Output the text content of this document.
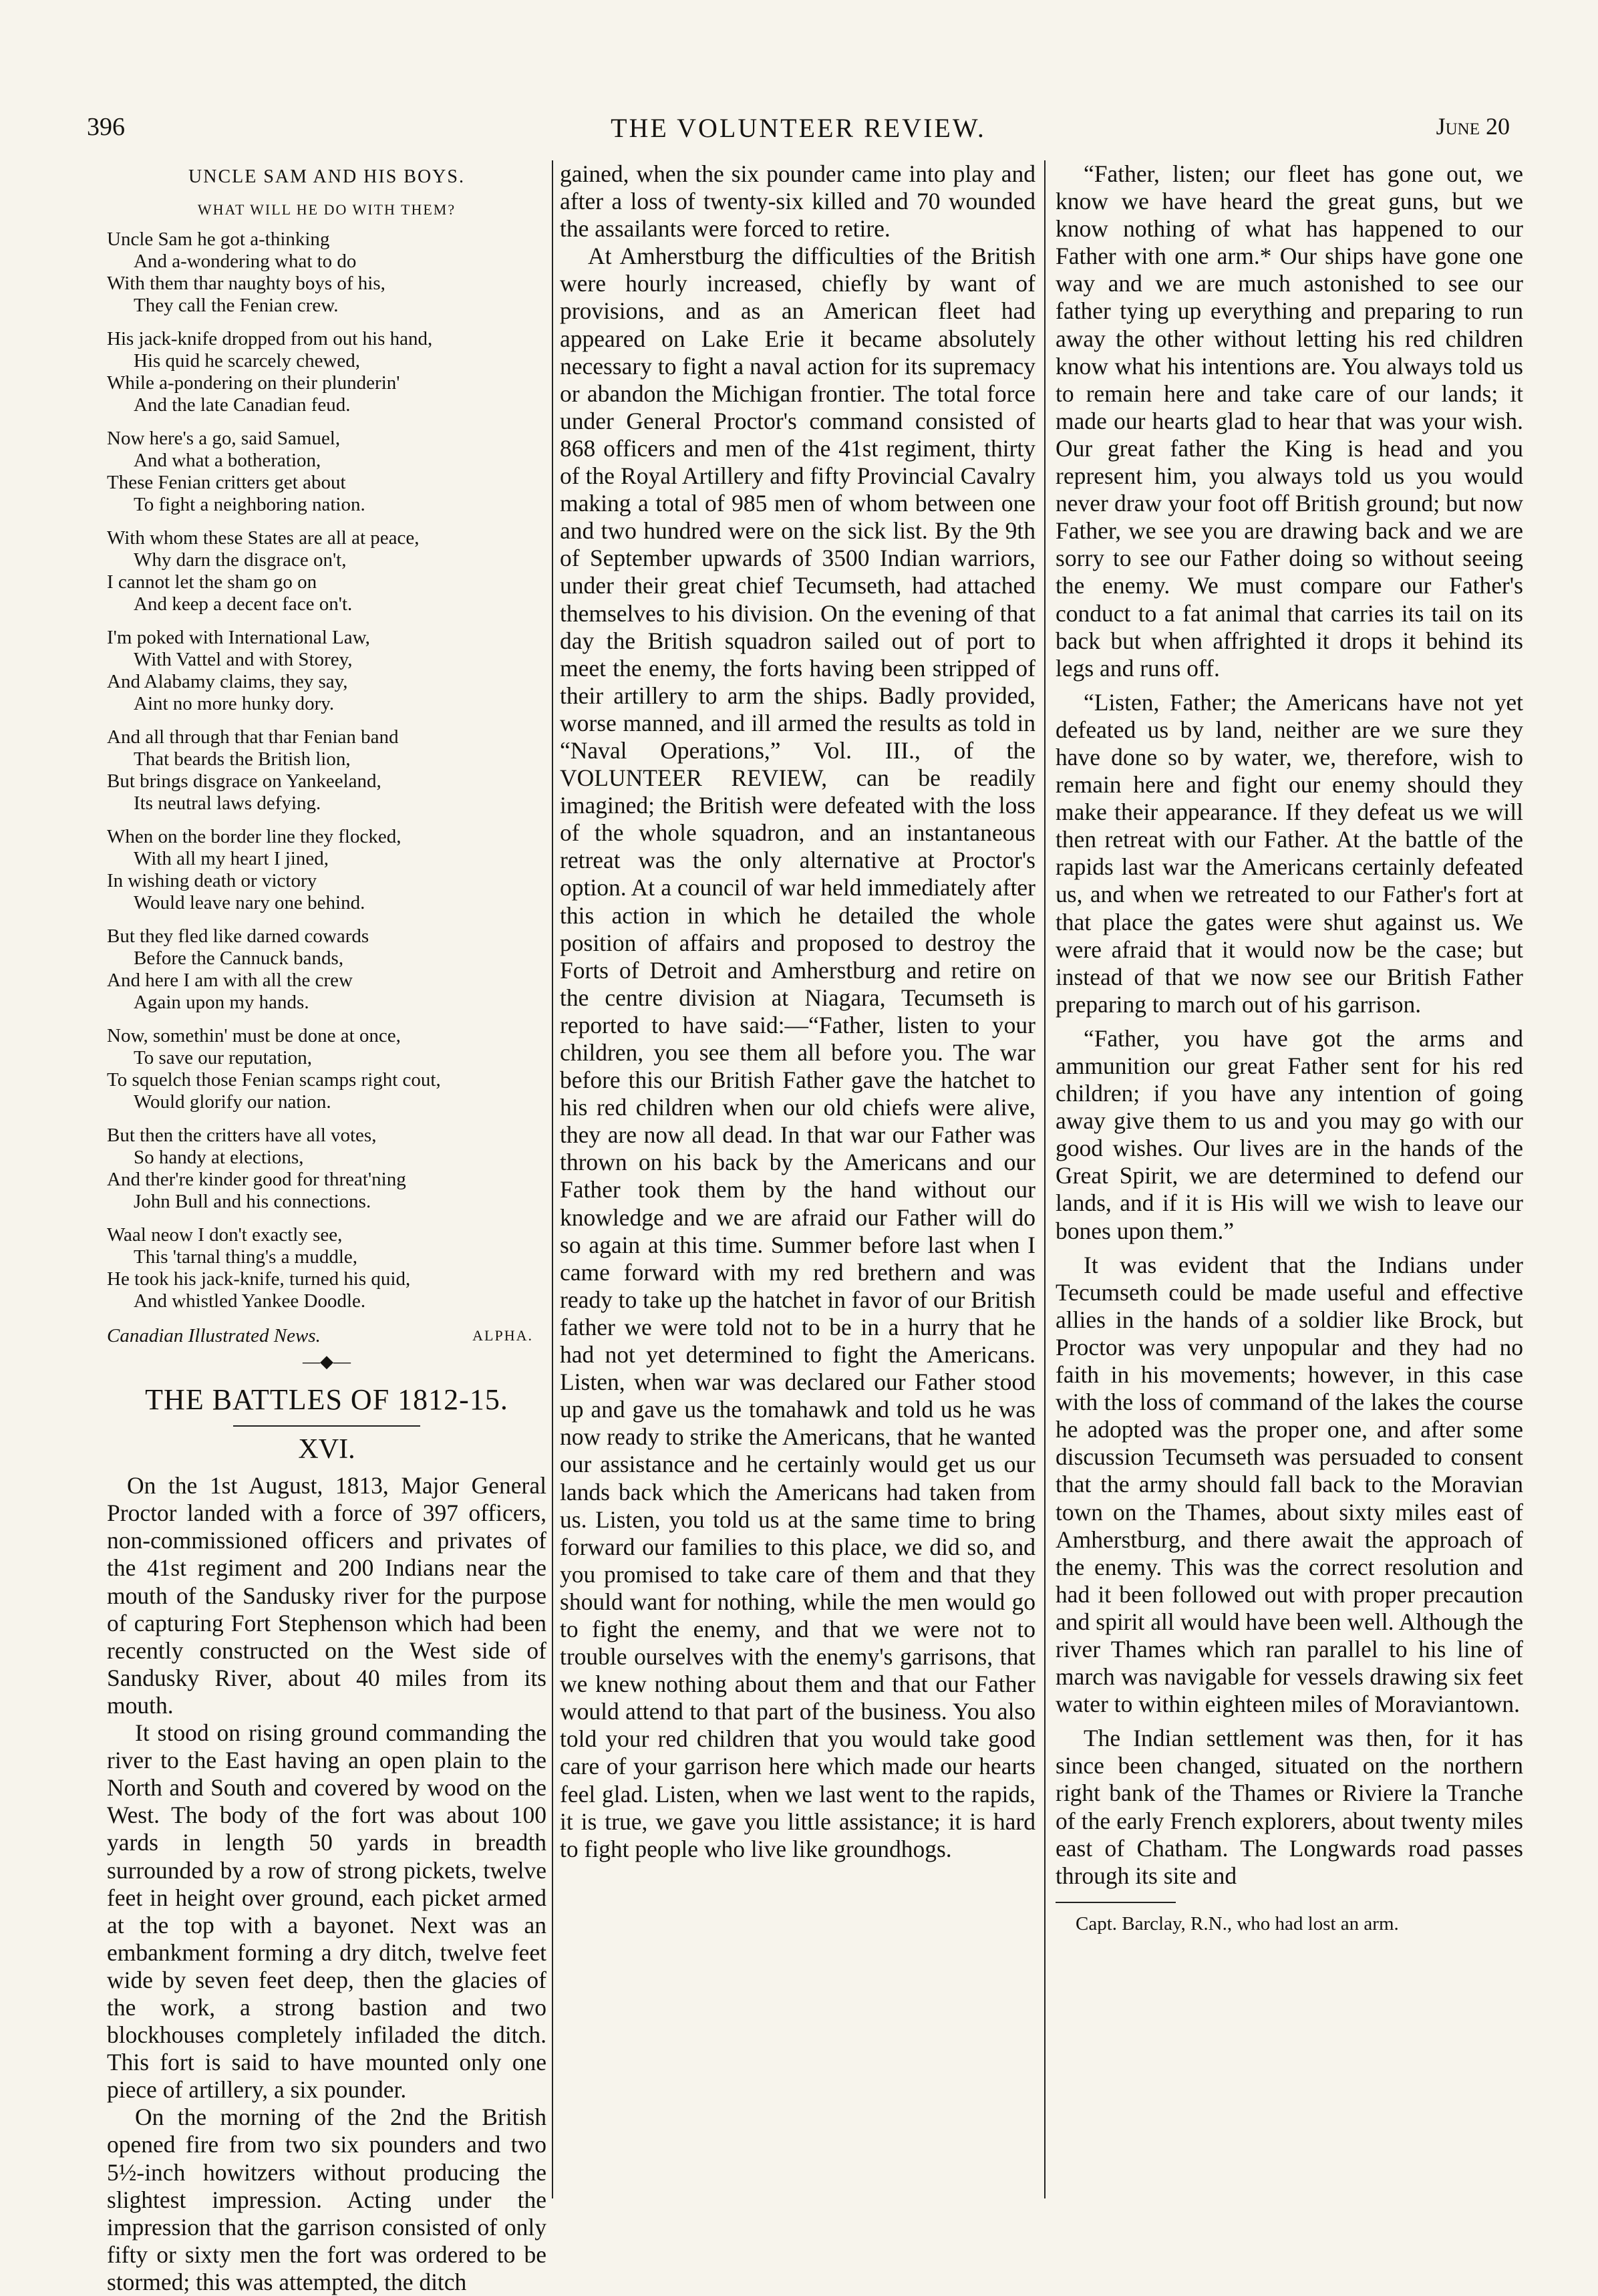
396	THE VOLUNTEER REVIEW.	June 20
UNCLE SAM AND HIS BOYS.
WHAT WILL HE DO WITH THEM?
Uncle Sam he got a-thinking
And a-wondering what to do
With them thar naughty boys of his,
They call the Fenian crew.
His jack-knife dropped from out his hand,
His quid he scarcely chewed,
While a-pondering on their plunderin'
And the late Canadian feud.
Now here's a go, said Samuel,
And what a botheration,
These Fenian critters get about
To fight a neighboring nation.
With whom these States are all at peace,
Why darn the disgrace on't,
I cannot let the sham go on
And keep a decent face on't.
I'm poked with International Law,
With Vattel and with Storey,
And Alabamy claims, they say,
Aint no more hunky dory.
And all through that thar Fenian band
That beards the British lion,
But brings disgrace on Yankeeland,
Its neutral laws defying.
When on the border line they flocked,
With all my heart I jined,
In wishing death or victory
Would leave nary one behind.
But they fled like darned cowards
Before the Cannuck bands,
And here I am with all the crew
Again upon my hands.
Now, somethin' must be done at once,
To save our reputation,
To squelch those Fenian scamps right cout,
Would glorify our nation.
But then the critters have all votes,
So handy at elections,
And ther're kinder good for threat'ning
John Bull and his connections.
Waal neow I don't exactly see,
This 'tarnal thing's a muddle,
He took his jack-knife, turned his quid,
And whistled Yankee Doodle.
Canadian Illustrated News.	ALPHA.
—◆—
THE BATTLES OF 1812-15.
XVI.

On the 1st August, 1813, Major General Proctor landed with a force of 397 officers, non-commissioned officers and privates of the 41st regiment and 200 Indians near the mouth of the Sandusky river for the purpose of capturing Fort Stephenson which had been recently constructed on the West side of Sandusky River, about 40 miles from its mouth.

It stood on rising ground commanding the river to the East having an open plain to the North and South and covered by wood on the West. The body of the fort was about 100 yards in length 50 yards in breadth surrounded by a row of strong pickets, twelve feet in height over ground, each picket armed at the top with a bayonet. Next was an embankment forming a dry ditch, twelve feet wide by seven feet deep, then the glacies of the work, a strong bastion and two blockhouses completely infiladed the ditch. This fort is said to have mounted only one piece of artillery, a six pounder.

On the morning of the 2nd the British opened fire from two six pounders and two 5½-inch howitzers without producing the slightest impression. Acting under the impression that the garrison consisted of only fifty or sixty men the fort was ordered to be stormed; this was attempted, the ditch

gained, when the six pounder came into play and after a loss of twenty-six killed and 70 wounded the assailants were forced to retire.

At Amherstburg the difficulties of the British were hourly increased, chiefly by want of provisions, and as an American fleet had appeared on Lake Erie it became absolutely necessary to fight a naval action for its supremacy or abandon the Michigan frontier. The total force under General Proctor's command consisted of 868 officers and men of the 41st regiment, thirty of the Royal Artillery and fifty Provincial Cavalry making a total of 985 men of whom between one and two hundred were on the sick list. By the 9th of September upwards of 3500 Indian warriors, under their great chief Tecumseth, had attached themselves to his division. On the evening of that day the British squadron sailed out of port to meet the enemy, the forts having been stripped of their artillery to arm the ships. Badly provided, worse manned, and ill armed the results as told in “Naval Operations,” Vol. III., of the VOLUNTEER REVIEW, can be readily imagined; the British were defeated with the loss of the whole squadron, and an instantaneous retreat was the only alternative at Proctor's option. At a council of war held immediately after this action in which he detailed the whole position of affairs and proposed to destroy the Forts of Detroit and Amherstburg and retire on the centre division at Niagara, Tecumseth is reported to have said:—“Father, listen to your children, you see them all before you. The war before this our British Father gave the hatchet to his red children when our old chiefs were alive, they are now all dead. In that war our Father was thrown on his back by the Americans and our Father took them by the hand without our knowledge and we are afraid our Father will do so again at this time. Summer before last when I came forward with my red brethern and was ready to take up the hatchet in favor of our British father we were told not to be in a hurry that he had not yet determined to fight the Americans. Listen, when war was declared our Father stood up and gave us the tomahawk and told us he was now ready to strike the Americans, that he wanted our assistance and he certainly would get us our lands back which the Americans had taken from us. Listen, you told us at the same time to bring forward our families to this place, we did so, and you promised to take care of them and that they should want for nothing, while the men would go to fight the enemy, and that we were not to trouble ourselves with the enemy's garrisons, that we knew nothing about them and that our Father would attend to that part of the business. You also told your red children that you would take good care of your garrison here which made our hearts feel glad. Listen, when we last went to the rapids, it is true, we gave you little assistance; it is hard to fight people who live like groundhogs.

“Father, listen; our fleet has gone out, we know we have heard the great guns, but we know nothing of what has happened to our Father with one arm.* Our ships have gone one way and we are much astonished to see our father tying up everything and preparing to run away the other without letting his red children know what his intentions are. You always told us to remain here and take care of our lands; it made our hearts glad to hear that was your wish. Our great father the King is head and you represent him, you always told us you would never draw your foot off British ground; but now Father, we see you are drawing back and we are sorry to see our Father doing so without seeing the enemy. We must compare our Father's conduct to a fat animal that carries its tail on its back but when affrighted it drops it behind its legs and runs off.

“Listen, Father; the Americans have not yet defeated us by land, neither are we sure they have done so by water, we, therefore, wish to remain here and fight our enemy should they make their appearance. If they defeat us we will then retreat with our Father. At the battle of the rapids last war the Americans certainly defeated us, and when we retreated to our Father's fort at that place the gates were shut against us. We were afraid that it would now be the case; but instead of that we now see our British Father preparing to march out of his garrison.

“Father, you have got the arms and ammunition our great Father sent for his red children; if you have any intention of going away give them to us and you may go with our good wishes. Our lives are in the hands of the Great Spirit, we are determined to defend our lands, and if it is His will we wish to leave our bones upon them.”

It was evident that the Indians under Tecumseth could be made useful and effective allies in the hands of a soldier like Brock, but Proctor was very unpopular and they had no faith in his movements; however, in this case with the loss of command of the lakes the course he adopted was the proper one, and after some discussion Tecumseth was persuaded to consent that the army should fall back to the Moravian town on the Thames, about sixty miles east of Amherstburg, and there await the approach of the enemy. This was the correct resolution and had it been followed out with proper precaution and spirit all would have been well. Although the river Thames which ran parallel to his line of march was navigable for vessels drawing six feet water to within eighteen miles of Moraviantown.

The Indian settlement was then, for it has since been changed, situated on the northern right bank of the Thames or Riviere la Tranche of the early French explorers, about twenty miles east of Chatham. The Longwards road passes through its site and

Capt. Barclay, R.N., who had lost an arm.
